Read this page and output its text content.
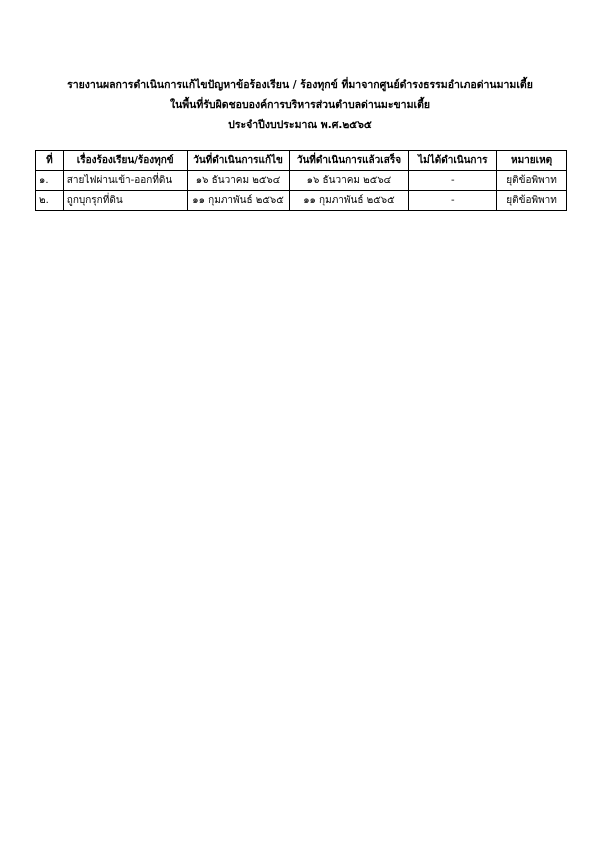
รายงานผลการดำเนินการแก้ไขปัญหาข้อร้องเรียน / ร้องทุกข์ ที่มาจากศูนย์ดำรงธรรมอำเภอด่านมามเตี้ย
ในพื้นที่รับผิดชอบองค์การบริหารส่วนตำบลด่านมะขามเตี้ย
ประจำปีงบประมาณ พ.ศ.๒๕๖๕
ที่	เรื่องร้องเรียน/ร้องทุกข์	วันที่ดำเนินการแก้ไข	วันที่ดำเนินการแล้วเสร็จ	ไม่ได้ดำเนินการ	หมายเหตุ
๑.	สายไฟผ่านเข้า-ออกที่ดิน	๑๖ ธันวาคม ๒๕๖๔	๑๖ ธันวาคม ๒๕๖๔	-	ยุติข้อพิพาท
๒.	ถูกบุกรุกที่ดิน	๑๑ กุมภาพันธ์ ๒๕๖๕	๑๑ กุมภาพันธ์ ๒๕๖๕	-	ยุติข้อพิพาท
